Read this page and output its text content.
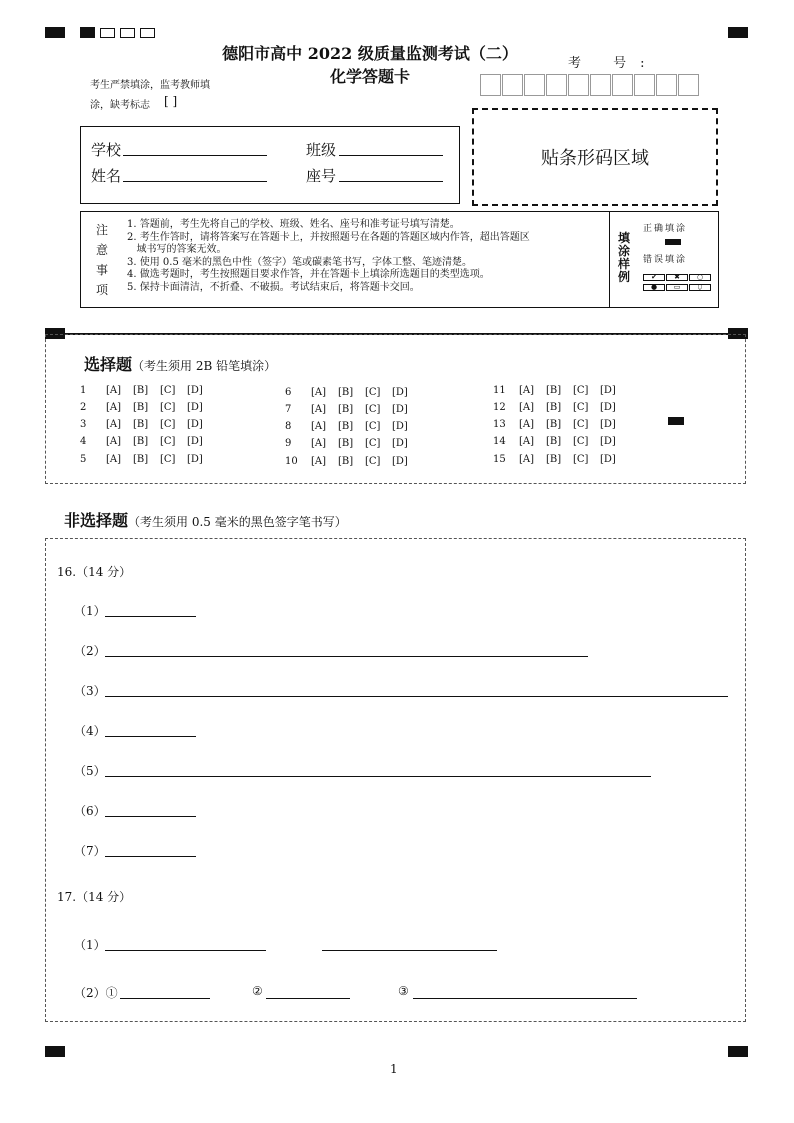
德阳市高中 2022 级质量监测考试（二）
化学答题卡
考生严禁填涂，监考教师填
涂，缺考标志 [ ]
考 号:
学校	班级
姓名	座号
贴条形码区域
注
意
事
项
1. 答题前，考生先将自己的学校、班级、姓名、座号和准考证号填写清楚。
2. 考生作答时，请将答案写在答题卡上，并按照题号在各题的答题区域内作答，超出答题区
域书写的答案无效。
3. 使用 0.5 毫米的黑色中性（签字）笔或碳素笔书写，字体工整、笔迹清楚。
4. 做选考题时，考生按照题目要求作答，并在答题卡上填涂所选题目的类型选项。
5. 保持卡面清洁，不折叠、不破损。考试结束后，将答题卡交回。
填
涂
样
例
正确填涂
错误填涂
✔	✖	○
●	▭	⬯
选择题（考生须用 2B 铅笔填涂）
1 [A] [B] [C] [D]
2 [A] [B] [C] [D]
3 [A] [B] [C] [D]
4 [A] [B] [C] [D]
5 [A] [B] [C] [D]
6 [A] [B] [C] [D]
7 [A] [B] [C] [D]
8 [A] [B] [C] [D]
9 [A] [B] [C] [D]
10 [A] [B] [C] [D]
11 [A] [B] [C] [D]
12 [A] [B] [C] [D]
13 [A] [B] [C] [D]
14 [A] [B] [C] [D]
15 [A] [B] [C] [D]
非选择题（考生须用 0.5 毫米的黑色签字笔书写）
16.（14 分）
（1）
（2）
（3）
（4）
（5）
（6）
（7）
17.（14 分）
（1）
（2）①	②	③
1
